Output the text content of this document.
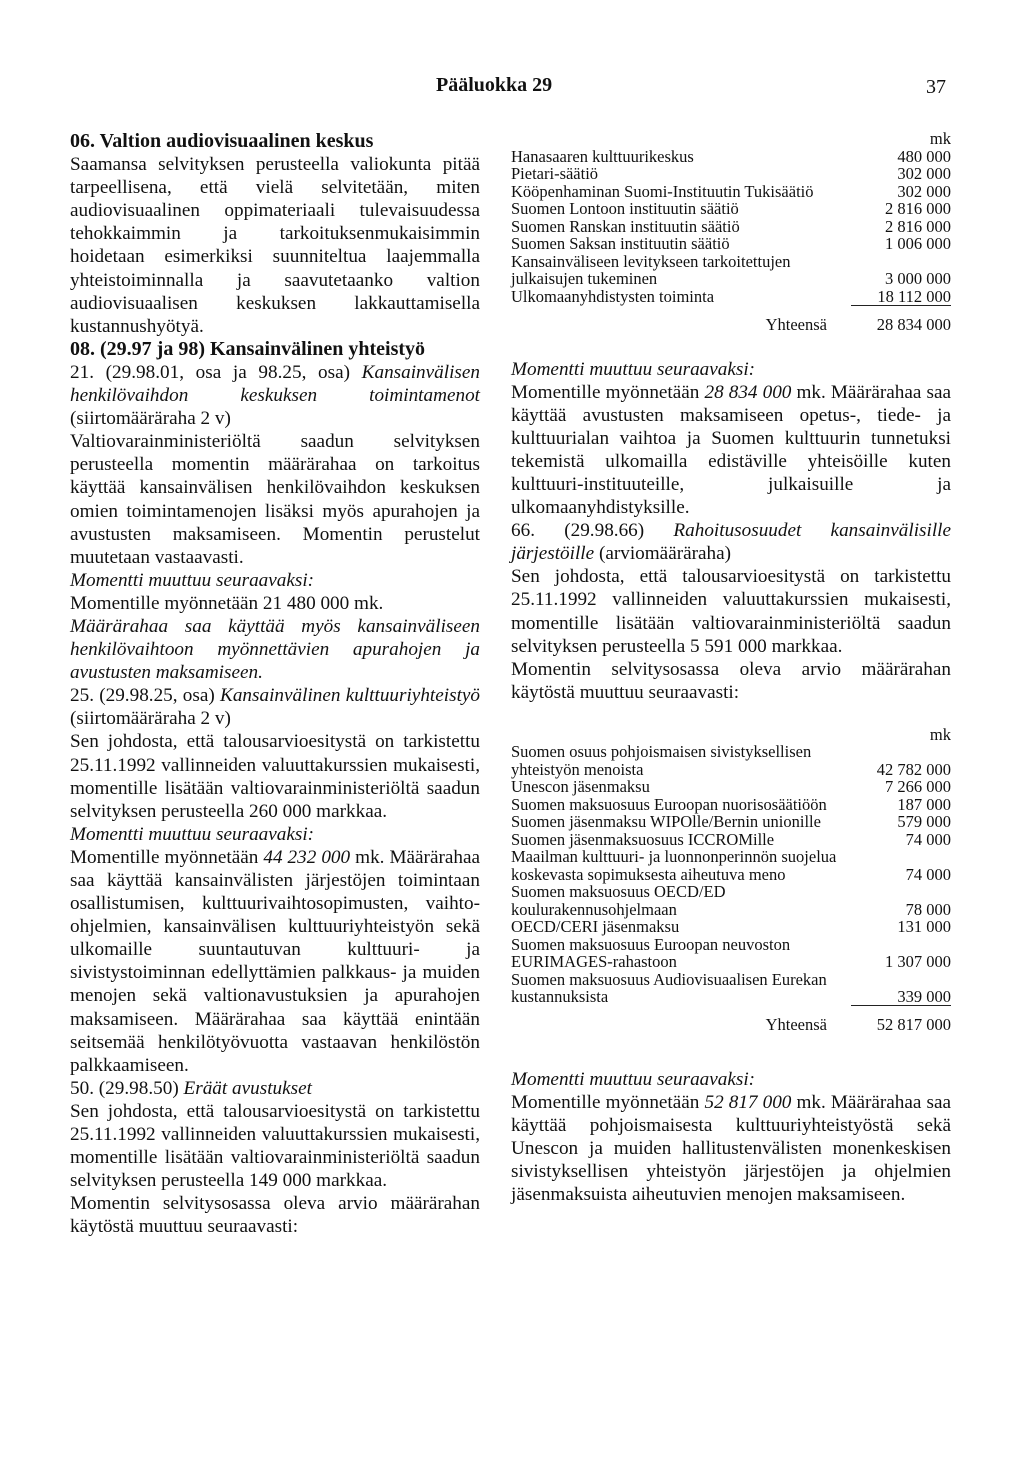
Pääluokka 29	37

06. Valtion audiovisuaalinen keskus

Saamansa selvityksen perusteella valiokunta pitää tarpeellisena, että vielä selvitetään, miten audiovisuaalinen oppimateriaali tulevaisuudessa tehokkaimmin ja tarkoituksenmukaisimmin hoidetaan esimerkiksi suunniteltua laajemmalla yhteistoiminnalla ja saavutetaanko valtion audiovisuaalisen keskuksen lakkauttamisella kustannushyötyä.

08. (29.97 ja 98) Kansainvälinen yhteistyö

21. (29.98.01, osa ja 98.25, osa) Kansainvälisen henkilövaihdon keskuksen toimintamenot (siirtomääräraha 2 v)

Valtiovarainministeriöltä saadun selvityksen perusteella momentin määrärahaa on tarkoitus käyttää kansainvälisen henkilövaihdon keskuksen omien toimintamenojen lisäksi myös apurahojen ja avustusten maksamiseen. Momentin perustelut muutetaan vastaavasti.

Momentti muuttuu seuraavaksi:

Momentille myönnetään 21 480 000 mk.

Määrärahaa saa käyttää myös kansainväliseen henkilövaihtoon myönnettävien apurahojen ja avustusten maksamiseen.

25. (29.98.25, osa) Kansainvälinen kulttuuriyhteistyö (siirtomääräraha 2 v)

Sen johdosta, että talousarvioesitystä on tarkistettu 25.11.1992 vallinneiden valuuttakurssien mukaisesti, momentille lisätään valtiovarainministeriöltä saadun selvityksen perusteella 260 000 markkaa.

Momentti muuttuu seuraavaksi:

Momentille myönnetään 44 232 000 mk. Määrärahaa saa käyttää kansainvälisten järjestöjen toimintaan osallistumisen, kulttuurivaihtosopimusten, vaihto-ohjelmien, kansainvälisen kulttuuriyhteistyön sekä ulkomaille suuntautuvan kulttuuri- ja sivistystoiminnan edellyttämien palkkaus- ja muiden menojen sekä valtionavustuksien ja apurahojen maksamiseen. Määrärahaa saa käyttää enintään seitsemää henkilötyövuotta vastaavan henkilöstön palkkaamiseen.

50. (29.98.50) Eräät avustukset

Sen johdosta, että talousarvioesitystä on tarkistettu 25.11.1992 vallinneiden valuuttakurssien mukaisesti, momentille lisätään valtiovarainministeriöltä saadun selvityksen perusteella 149 000 markkaa.

Momentin selvitysosassa oleva arvio määrärahan käytöstä muuttuu seuraavasti:

	mk
Hanasaaren kulttuurikeskus	480 000
Pietari-säätiö	302 000
Kööpenhaminan Suomi-Instituutin Tukisäätiö	302 000
Suomen Lontoon instituutin säätiö	2 816 000
Suomen Ranskan instituutin säätiö	2 816 000
Suomen Saksan instituutin säätiö	1 006 000
Kansainväliseen levitykseen tarkoitettujen julkaisujen tukeminen	3 000 000
Ulkomaanyhdistysten toiminta	18 112 000
Yhteensä	28 834 000

Momentti muuttuu seuraavaksi:

Momentille myönnetään 28 834 000 mk. Määrärahaa saa käyttää avustusten maksamiseen opetus-, tiede- ja kulttuurialan vaihtoa ja Suomen kulttuurin tunnetuksi tekemistä ulkomailla edistäville yhteisöille kuten kulttuuri-instituuteille, julkaisuille ja ulkomaanyhdistyksille.

66. (29.98.66) Rahoitusosuudet kansainvälisille järjestöille (arviomääräraha)

Sen johdosta, että talousarvioesitystä on tarkistettu 25.11.1992 vallinneiden valuuttakurssien mukaisesti, momentille lisätään valtiovarainministeriöltä saadun selvityksen perusteella 5 591 000 markkaa.

Momentin selvitysosassa oleva arvio määrärahan käytöstä muuttuu seuraavasti:

	mk
Suomen osuus pohjoismaisen sivistyksellisen yhteistyön menoista	42 782 000
Unescon jäsenmaksu	7 266 000
Suomen maksuosuus Euroopan nuorisosäätiöön	187 000
Suomen jäsenmaksu WIPOlle/Bernin unionille	579 000
Suomen jäsenmaksuosuus ICCROMille	74 000
Maailman kulttuuri- ja luonnonperinnön suojelua koskevasta sopimuksesta aiheutuva meno	74 000
Suomen maksuosuus OECD/ED koulurakennusohjelmaan	78 000
OECD/CERI jäsenmaksu	131 000
Suomen maksuosuus Euroopan neuvoston EURIMAGES-rahastoon	1 307 000
Suomen maksuosuus Audiovisuaalisen Eurekan kustannuksista	339 000
Yhteensä	52 817 000

Momentti muuttuu seuraavaksi:

Momentille myönnetään 52 817 000 mk. Määrärahaa saa käyttää pohjoismaisesta kulttuuriyhteistyöstä sekä Unescon ja muiden hallitustenvälisten monenkeskisen sivistyksellisen yhteistyön järjestöjen ja ohjelmien jäsenmaksuista aiheutuvien menojen maksamiseen.
